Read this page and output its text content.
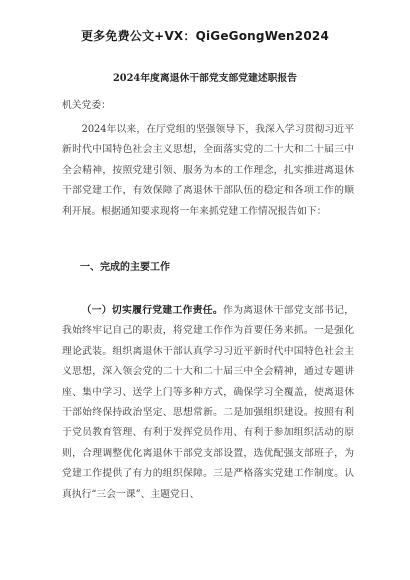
更多免费公文+VX：QiGeGongWen2024
2024年度离退休干部党支部党建述职报告
机关党委：

2024年以来，在厅党组的坚强领导下，我深入学习贯彻习近平新时代中国特色社会主义思想，全面落实党的二十大和二十届三中全会精神，按照党建引领、服务为本的工作理念，扎实推进离退休干部党建工作，有效保障了离退休干部队伍的稳定和各项工作的顺利开展。根据通知要求现将一年来抓党建工作情况报告如下：

一、完成的主要工作

（一）切实履行党建工作责任。作为离退休干部党支部书记，我始终牢记自己的职责，将党建工作作为首要任务来抓。一是强化理论武装。组织离退休干部认真学习习近平新时代中国特色社会主义思想，深入领会党的二十大和二十届三中全会精神，通过专题讲座、集中学习、送学上门等多种方式，确保学习全覆盖，使离退休干部始终保持政治坚定、思想常新。二是加强组织建设。按照有利于党员教育管理、有利于发挥党员作用、有利于参加组织活动的原则，合理调整优化离退休干部党支部设置，选优配强支部班子，为党建工作提供了有力的组织保障。三是严格落实党建工作制度。认真执行“三会一课”、主题党日、
